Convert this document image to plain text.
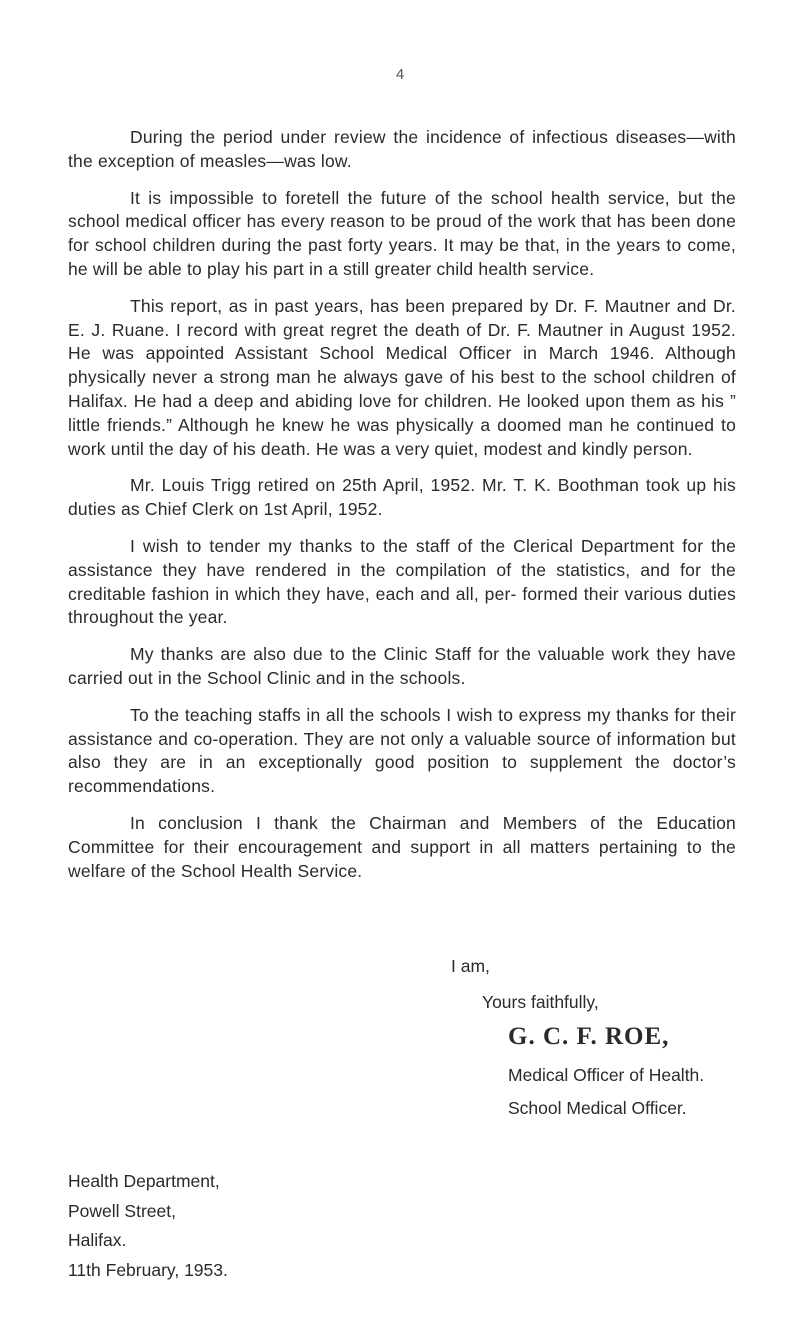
4

During the period under review the incidence of infectious diseases—with the exception of measles—was low.

It is impossible to foretell the future of the school health service, but the school medical officer has every reason to be proud of the work that has been done for school children during the past forty years. It may be that, in the years to come, he will be able to play his part in a still greater child health service.

This report, as in past years, has been prepared by Dr. F. Mautner and Dr. E. J. Ruane. I record with great regret the death of Dr. F. Mautner in August 1952. He was appointed Assistant School Medical Officer in March 1946. Although physically never a strong man he always gave of his best to the school children of Halifax. He had a deep and abiding love for children. He looked upon them as his ” little friends.” Although he knew he was physically a doomed man he continued to work until the day of his death. He was a very quiet, modest and kindly person.

Mr. Louis Trigg retired on 25th April, 1952. Mr. T. K. Boothman took up his duties as Chief Clerk on 1st April, 1952.

I wish to tender my thanks to the staff of the Clerical Department for the assistance they have rendered in the compilation of the statistics, and for the creditable fashion in which they have, each and all, per- formed their various duties throughout the year.

My thanks are also due to the Clinic Staff for the valuable work they have carried out in the School Clinic and in the schools.

To the teaching staffs in all the schools I wish to express my thanks for their assistance and co-operation. They are not only a valuable source of information but also they are in an exceptionally good position to supplement the doctor’s recommendations.

In conclusion I thank the Chairman and Members of the Education Committee for their encouragement and support in all matters pertaining to the welfare of the School Health Service.

I am,
Yours faithfully,
G. C. F. ROE,
Medical Officer of Health.
School Medical Officer.
Health Department,
Powell Street,
Halifax.
11th February, 1953.
